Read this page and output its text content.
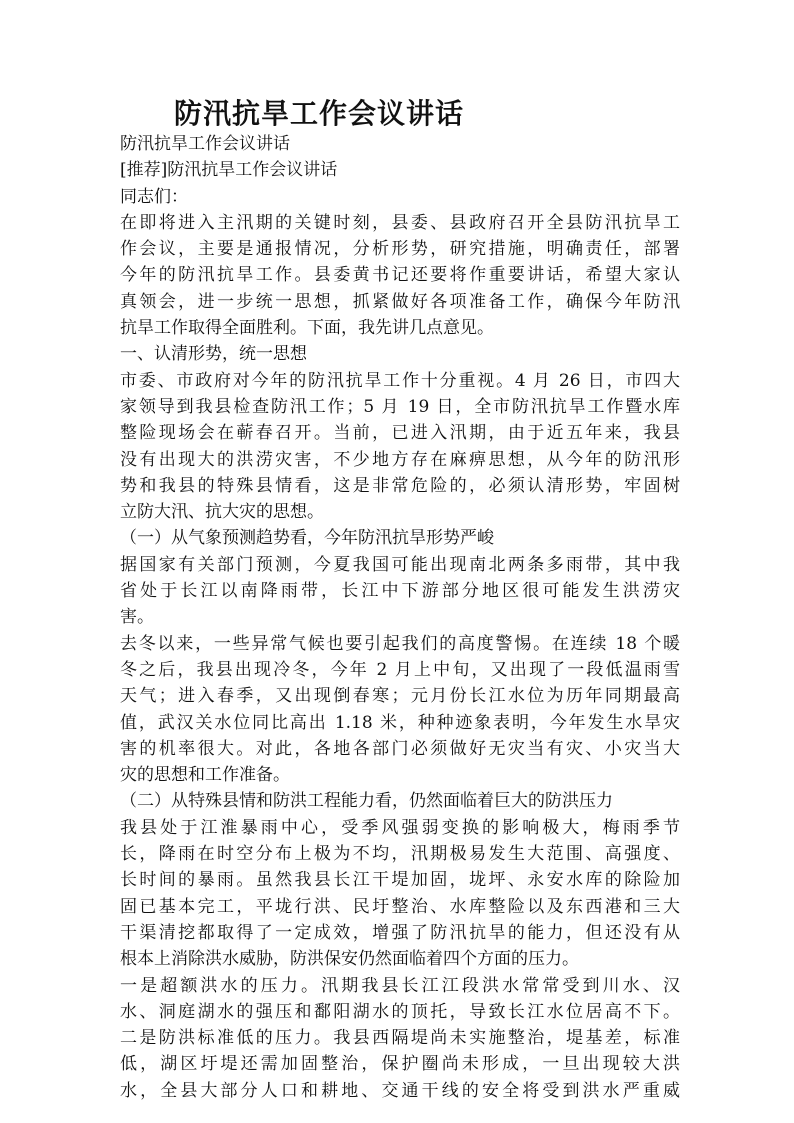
防汛抗旱工作会议讲话
防汛抗旱工作会议讲话
[推荐]防汛抗旱工作会议讲话
同志们：
在即将进入主汛期的关键时刻，县委、县政府召开全县防汛抗旱工
作会议，主要是通报情况，分析形势，研究措施，明确责任，部署
今年的防汛抗旱工作。县委黄书记还要将作重要讲话，希望大家认
真领会，进一步统一思想，抓紧做好各项准备工作，确保今年防汛
抗旱工作取得全面胜利。下面，我先讲几点意见。
一、认清形势，统一思想
市委、市政府对今年的防汛抗旱工作十分重视。4 月 26 日，市四大
家领导到我县检查防汛工作；5 月 19 日，全市防汛抗旱工作暨水库
整险现场会在蕲春召开。当前，已进入汛期，由于近五年来，我县
没有出现大的洪涝灾害，不少地方存在麻痹思想，从今年的防汛形
势和我县的特殊县情看，这是非常危险的，必须认清形势，牢固树
立防大汛、抗大灾的思想。
（一）从气象预测趋势看，今年防汛抗旱形势严峻
据国家有关部门预测，今夏我国可能出现南北两条多雨带，其中我
省处于长江以南降雨带，长江中下游部分地区很可能发生洪涝灾
害。
去冬以来，一些异常气候也要引起我们的高度警惕。在连续 18 个暖
冬之后，我县出现冷冬，今年 2 月上中旬，又出现了一段低温雨雪
天气；进入春季，又出现倒春寒；元月份长江水位为历年同期最高
值，武汉关水位同比高出 1.18 米，种种迹象表明，今年发生水旱灾
害的机率很大。对此，各地各部门必须做好无灾当有灾、小灾当大
灾的思想和工作准备。
（二）从特殊县情和防洪工程能力看，仍然面临着巨大的防洪压力
我县处于江淮暴雨中心，受季风强弱变换的影响极大，梅雨季节
长，降雨在时空分布上极为不均，汛期极易发生大范围、高强度、
长时间的暴雨。虽然我县长江干堤加固，垅坪、永安水库的除险加
固已基本完工，平垅行洪、民圩整治、水库整险以及东西港和三大
干渠清挖都取得了一定成效，增强了防汛抗旱的能力，但还没有从
根本上消除洪水威胁，防洪保安仍然面临着四个方面的压力。
一是超额洪水的压力。汛期我县长江江段洪水常常受到川水、汉
水、洞庭湖水的强压和鄱阳湖水的顶托，导致长江水位居高不下。
二是防洪标准低的压力。我县西隔堤尚未实施整治，堤基差，标准
低，湖区圩堤还需加固整治，保护圈尚未形成，一旦出现较大洪
水，全县大部分人口和耕地、交通干线的安全将受到洪水严重威
